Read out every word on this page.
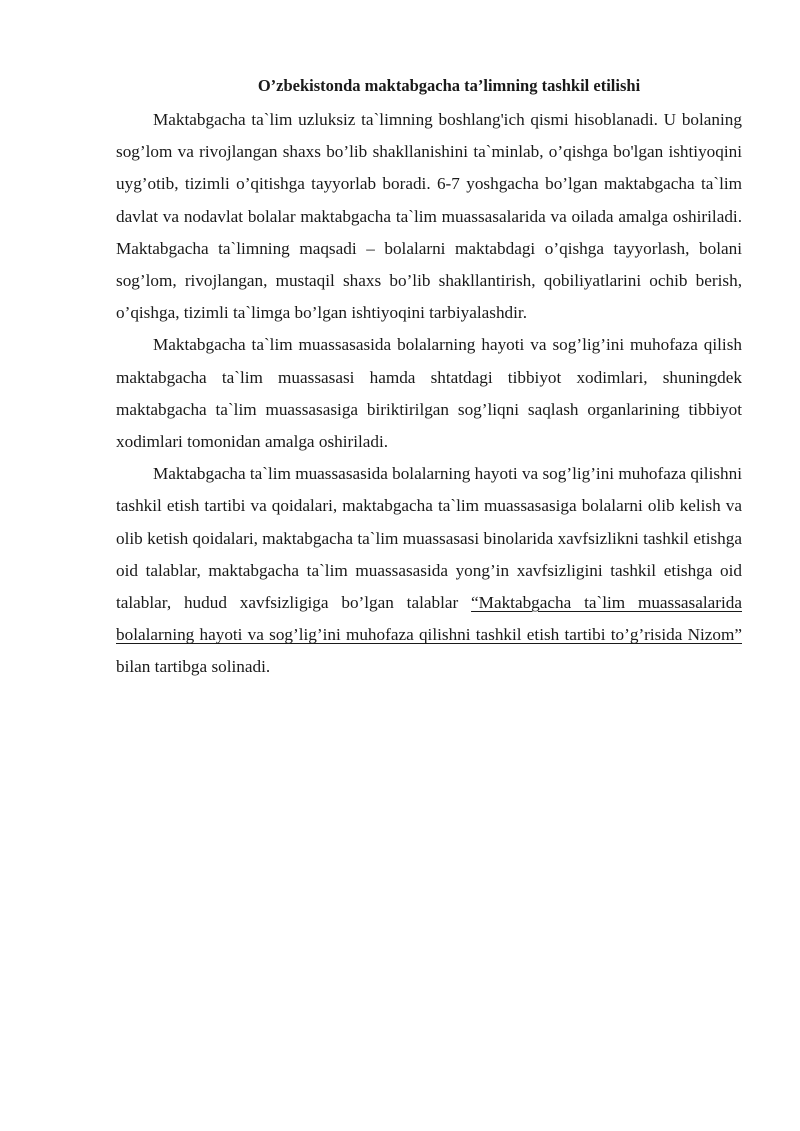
O’zbekistonda maktabgacha ta’limning tashkil etilishi

Maktabgacha ta`lim uzluksiz ta`limning boshlang'ich qismi hisoblanadi. U bolaning sog’lom va rivojlangan shaxs bo’lib shakllanishini ta`minlab, o’qishga bo'lgan ishtiyoqini uyg’otib, tizimli o’qitishga tayyorlab boradi. 6-7 yoshgacha bo’lgan maktabgacha ta`lim davlat va nodavlat bolalar maktabgacha ta`lim muassasalarida va oilada amalga oshiriladi. Maktabgacha ta`limning maqsadi – bolalarni maktabdagi o’qishga tayyorlash, bolani sog’lom, rivojlangan, mustaqil shaxs bo’lib shakllantirish, qobiliyatlarini ochib berish, o’qishga, tizimli ta`limga bo’lgan ishtiyoqini tarbiyalashdir.

Maktabgacha ta`lim muassasasida bolalarning hayoti va sog’lig’ini muhofaza qilish maktabgacha ta`lim muassasasi hamda shtatdagi tibbiyot xodimlari, shuningdek maktabgacha ta`lim muassasasiga biriktirilgan sog’liqni saqlash organlarining tibbiyot xodimlari tomonidan amalga oshiriladi.

Maktabgacha ta`lim muassasasida bolalarning hayoti va sog’lig’ini muhofaza qilishni tashkil etish tartibi va qoidalari, maktabgacha ta`lim muassasasiga bolalarni olib kelish va olib ketish qoidalari, maktabgacha ta`lim muassasasi binolarida xavfsizlikni tashkil etishga oid talablar, maktabgacha ta`lim muassasasida yong’in xavfsizligini tashkil etishga oid talablar, hudud xavfsizligiga bo’lgan talablar “Maktabgacha ta`lim muassasalarida bolalarning hayoti va sog’lig’ini muhofaza qilishni tashkil etish tartibi to’g’risida Nizom” bilan tartibga solinadi.
